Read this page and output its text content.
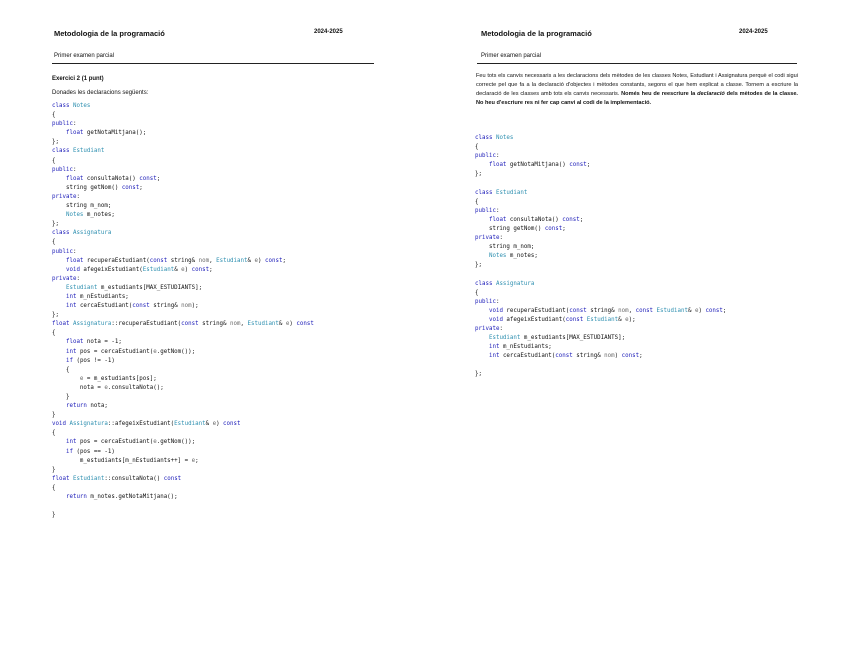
Metodologia de la programació	2024-2025
Primer examen parcial
Exercici 2 (1 punt)
Donades les declaracions següents:
class Notes
{
public:
float getNotaMitjana();
};
class Estudiant
{
public:
float consultaNota() const;
string getNom() const;
private:
string m_nom;
Notes m_notes;
};
class Assignatura
{
public:
float recuperaEstudiant(const string& nom, Estudiant& e) const;
void afegeixEstudiant(Estudiant& e) const;
private:
Estudiant m_estudiants[MAX_ESTUDIANTS];
int m_nEstudiants;
int cercaEstudiant(const string& nom);
};
float Assignatura::recuperaEstudiant(const string& nom, Estudiant& e) const
{
float nota = -1;
int pos = cercaEstudiant(e.getNom());
if (pos != -1)
{
e = m_estudiants[pos];
nota = e.consultaNota();
}
return nota;
}
void Assignatura::afegeixEstudiant(Estudiant& e) const
{
int pos = cercaEstudiant(e.getNom());
if (pos == -1)
m_estudiants[m_nEstudiants++] = e;
}
float Estudiant::consultaNota() const
{
return m_notes.getNotaMitjana();

}
Metodologia de la programació	2024-2025
Primer examen parcial
Feu tots els canvis necessaris a les declaracions dels mètodes de les classes Notes, Estudiant i Assignatura perquè el codi sigui correcte pel que fa a la declaració d'objectes i mètodes constants, segons el que hem explicat a classe. Tornem a escriure la declaració de les classes amb tots els canvis necessaris. Només heu de reescriure la declaració dels mètodes de la classe. No heu d'escriure res ni fer cap canvi al codi de la implementació.
class Notes
{
public:
float getNotaMitjana() const;
};

class Estudiant
{
public:
float consultaNota() const;
string getNom() const;
private:
string m_nom;
Notes m_notes;
};

class Assignatura
{
public:
void recuperaEstudiant(const string& nom, const Estudiant& e) const;
void afegeixEstudiant(const Estudiant& e);
private:
Estudiant m_estudiants[MAX_ESTUDIANTS];
int m_nEstudiants;
int cercaEstudiant(const string& nom) const;

};
